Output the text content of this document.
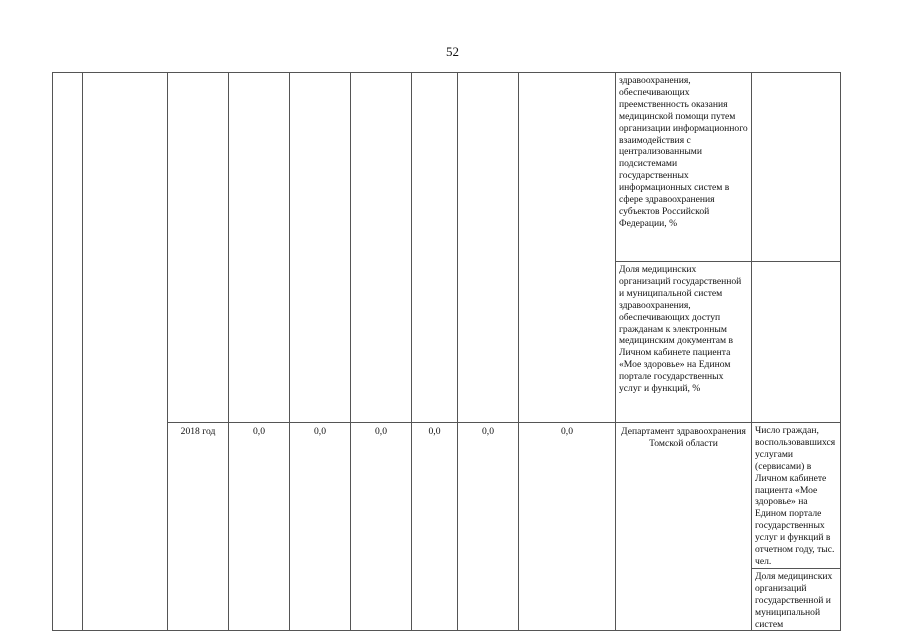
52
									здравоохранения, обеспечивающих преемственность оказания медицинской помощи путем организации информационного взаимодействия с централизованными подсистемами государственных информационных систем в сфере здравоохранения субъектов Российской Федерации, %		
									Доля медицинских организаций государственной и муниципальной систем здравоохранения, обеспечивающих доступ гражданам к электронным медицинским документам в Личном кабинете пациента «Мое здоровье» на Едином портале государственных услуг и функций, %		
		2018 год	0,0	0,0	0,0	0,0	0,0	0,0	Департамент здравоохранения Томской области	Число граждан, воспользовавшихся услугами (сервисами) в Личном кабинете пациента «Мое здоровье» на Едином портале государственных услуг и функций в отчетном году, тыс. чел.	
										Доля медицинских организаций государственной и муниципальной систем	
